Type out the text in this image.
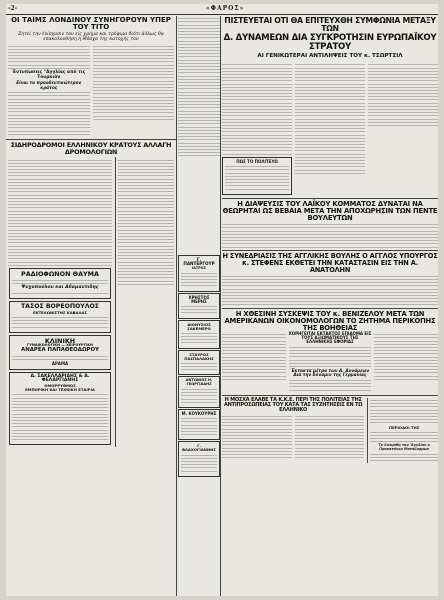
-2-	«ΦΑΡΟΣ»
ΟΙ ΤΑΪΜΣ ΛΟΝΔΙΝΟΥ ΣΥΝΗΓΟΡΟΥΝ ΥΠΕΡ ΤΟΥ ΤΙΤΟ
Ζητεί την ένίσχυσιν του είς χρήμα και τρόφιμα διότι άλλως θα επακολουθήση η Μόσχα της κατοχής του
Έντυπωσεις "Αγγλίας από τις Τουρκιάν
Είναι το προοδευτικώτερον κράτος
ΣΙΔΗΡΟΔΡΟΜΟΙ ΕΛΛΗΝΙΚΟΥ ΚΡΑΤΟΥΣ ΑΛΛΑΓΗ ΔΡΟΜΟΛΟΓΙΩΝ
ΡΑΔΙΟΦΩΝΟΝ ΘΑΥΜΑ
Ψυχοπούλου και Αδαμαντιδης
ΤΑΣΟΣ ΒΟΡΕΟΠΟΥΛΟΣ
ΕΚΤΕΛΩΝΙΣΤΗΣ ΚΑΒΑΛΑΣ
ΚΛΙΝΙΚΗ
ΓΥΝΑΙΚΟΛΟΓΙΚΗ — ΧΕΙΡΟΥΡΓΙΚΗ
ΑΝΔΡΕΑ ΠΑΠΑΘΕΟΔΩΡΟΥ
ΔΡΑΜΑ
Δ. ΣΑΚΕΛΛΑΡΙΔΗΣ & Α. ΦΕΛΑΡΓΙΑΝΗΣ
ΟΜΟΡΡΥΘΜΟΣ
ΕΜΠΟΡΙΚΗ ΚΑΙ ΤΕΧΝΙΚΗ ΕΤΑΙΡΙΑ
Γ. ΠΑΝΤΕΡΓΟΥΡ
ΙΑΤΡΟΣ
ΧΡΗΣΤΟΣ ΜΕΡΗΣ
ΔΙΟΝΥΣΙΟΣ ΣΑΚΕΜΕΡΟ
ΣΤΑΥΡΟΣ ΠΑΣΠΑΛΑΚΗΣ
ΑΝΤΩΝΙΟΣ Η. ΓΕΩΡΓΙΑΔΗΣ
Μ. ΚΟΥΚΟΥΡΗΣ
Γ. ΒΛΑΧΟΓΙΑΝΝΗΣ
ΠΙΣΤΕΥΕΤΑΙ ΟΤΙ ΘΑ ΕΠΙΤΕΥΧΘΗ ΣΥΜΦΩΝΙΑ ΜΕΤΑΞΥ ΤΩΝ
Δ. ΔΥΝΑΜΕΩΝ ΔΙΑ ΣΥΓΚΡΟΤΗΣΙΝ ΕΥΡΩΠΑΪΚΟΥ ΣΤΡΑΤΟΥ
ΑΙ ΓΕΝΙΚΩΤΕΡΑΙ ΑΝΤΙΛΗΨΕΙΣ ΤΟΥ κ. ΤΣΩΡΤΣΙΛ
ΠΩΣ ΤΟ ΠΟΛΙΤΕΥΩ
Η ΔΙΑΨΕΥΣΙΣ ΤΟΥ ΛΑΪΚΟΥ ΚΟΜΜΑΤΟΣ ΔΥΝΑΤΑΙ ΝΑ ΘΕΩΡΗΤΑΙ ΩΣ ΒΕΒΑΙΑ ΜΕΤΑ ΤΗΝ ΑΠΟΧΩΡΗΣΙΝ ΤΩΝ ΠΕΝΤΕ ΒΟΥΛΕΥΤΩΝ
Η ΣΥΝΕΔΡΙΑΣΙΣ ΤΗΣ ΑΓΓΛΙΚΗΣ ΒΟΥΛΗΣ Ο ΑΓΓΛΟΣ ΥΠΟΥΡΓΟΣ κ. ΣΤΕΦΕΝΣ ΕΚΘΕΤΕΙ ΤΗΝ ΚΑΤΑΣΤΑΣΙΝ ΕΙΣ ΤΗΝ Α. ΑΝΑΤΟΛΗΝ
Η ΧΘΕΣΙΝΗ ΣΥΣΚΕΨΙΣ ΤΟΥ κ. ΒΕΝΙΖΕΛΟΥ ΜΕΤΑ ΤΩΝ ΑΜΕΡΙΚΑΝΩΝ ΟΙΚΟΝΟΜΟΛΟΓΩΝ ΤΟ ΖΗΤΗΜΑ ΠΕΡΙΚΟΠΗΣ ΤΗΣ ΒΟΗΘΕΙΑΣ
ΧΟΡΗΓΕΙΤΑΙ ΕΚΤΑΚΤΟΣ ΕΠΙΔΟΜΑ ΕΙΣ ΤΟΥΣ ΑΞΙΩΜΑΤΙΚΟΥΣ ΤΗΣ ΕΛΛΗΝΙΚΗΣ ΕΦΟΡΙΑΣ
Έκτακτα μέτρα των Δ. Δυνάμεων Διά την δύναμιν της Γερμανίας
Η ΜΟΣΧΑ ΕΛΑΒΕ ΤΑ Κ.Κ.Ε. ΠΕΡΙ ΤΗΣ ΠΟΛΙΤΕΙΑΣ ΤΗΣ ΑΝΤΙΠΡΟΣΩΠΕΙΑΣ ΤΟΥ ΚΑΤΑ ΤΑΣ ΣΥΖΗΤΗΣΕΙΣ ΕΝ ΤΩ ΕΛΛΗΝΙΚΟ
ΠΕΡΙΟΔΟΙ ΤΗΣ
Το διεκρίθη την 'Αγγλίαν ο Προκατόνου Ματάδορμων
